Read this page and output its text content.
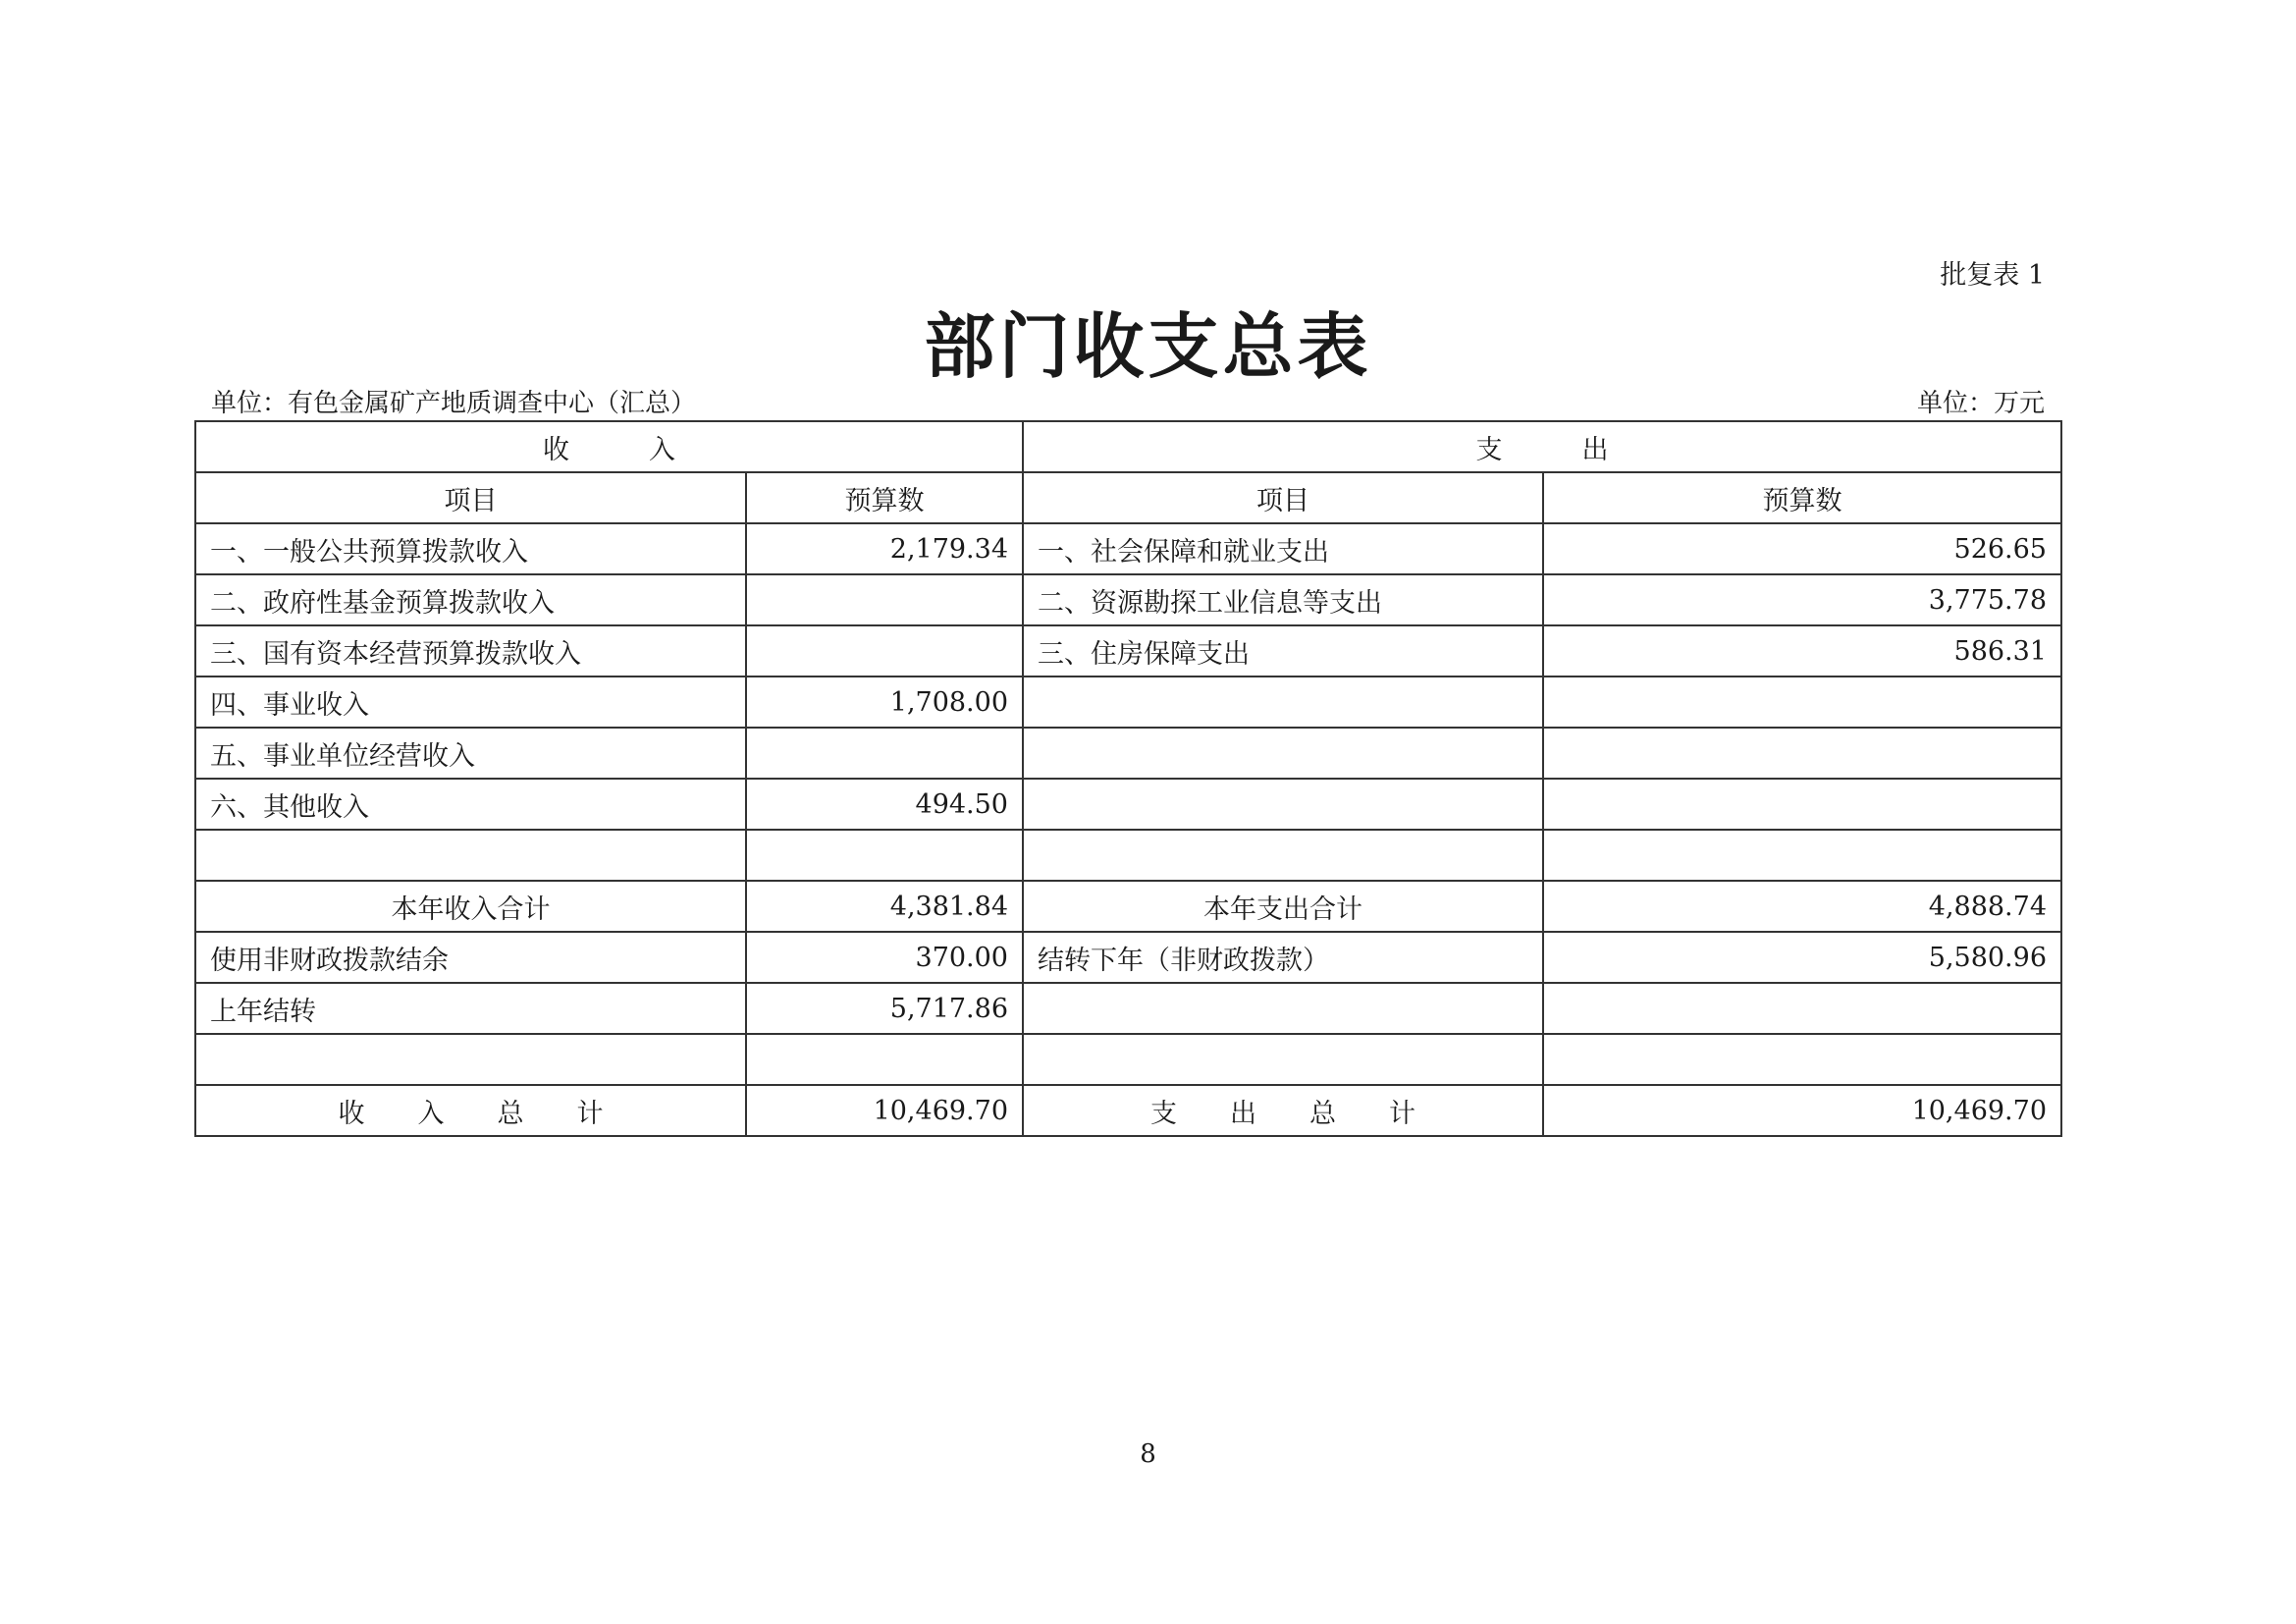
批复表 1
部门收支总表
单位：有色金属矿产地质调查中心（汇总）	单位：万元
收　　　入		支　　　出	
项目	预算数	项目	预算数
一、一般公共预算拨款收入	2,179.34	一、社会保障和就业支出	526.65
二、政府性基金预算拨款收入		二、资源勘探工业信息等支出	3,775.78
三、国有资本经营预算拨款收入		三、住房保障支出	586.31
四、事业收入	1,708.00		
五、事业单位经营收入			
六、其他收入	494.50		

本年收入合计	4,381.84	本年支出合计	4,888.74
使用非财政拨款结余	370.00	结转下年（非财政拨款）	5,580.96
上年结转	5,717.86		

收　　入　　总　　计	10,469.70	支　　出　　总　　计	10,469.70
8
